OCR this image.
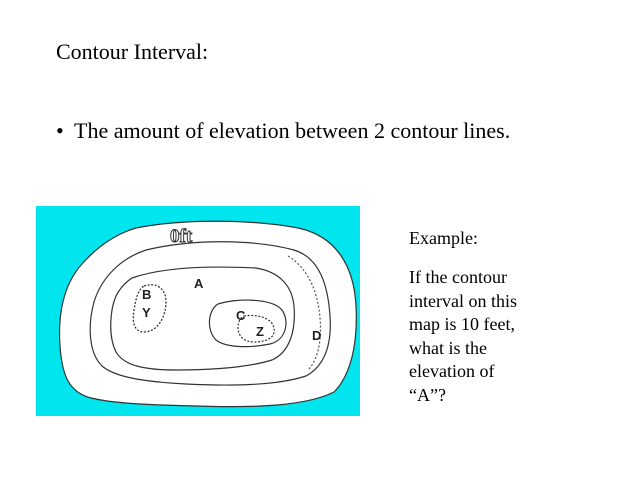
Contour Interval:
• The amount of elevation between 2 contour lines.
0ft
A
B
Y	C
Z	D
Example:
If the contour
interval on this
map is 10 feet,
what is the
elevation of
“A”?
